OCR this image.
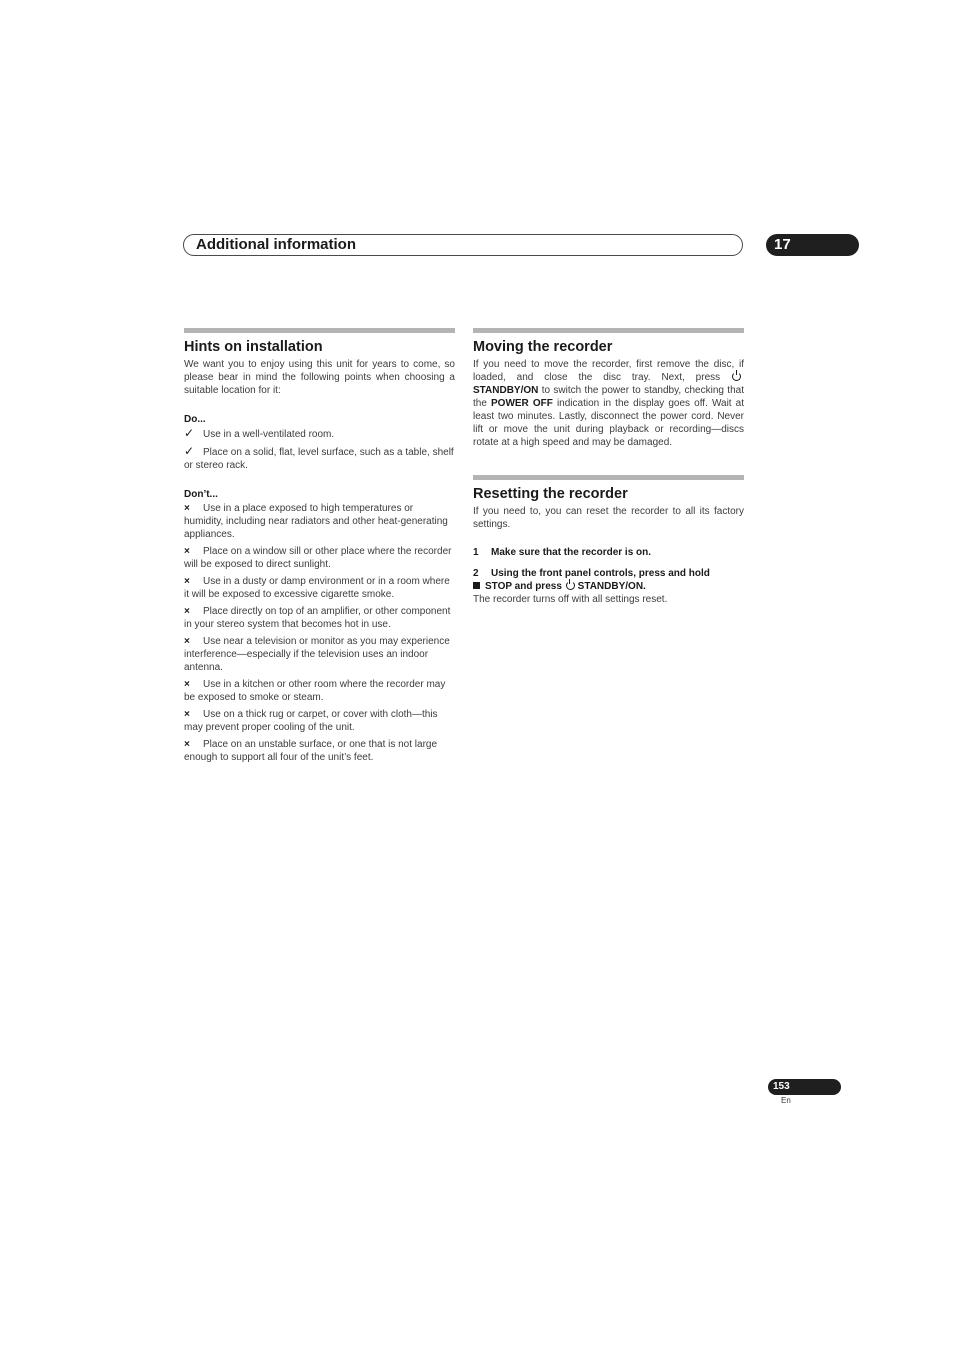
Additional information	17
Hints on installation

We want you to enjoy using this unit for years to come, so please bear in mind the following points when choosing a suitable location for it:

Do...
✓ Use in a well-ventilated room.
✓ Place on a solid, flat, level surface, such as a table, shelf or stereo rack.
Don’t...
× Use in a place exposed to high temperatures or humidity, including near radiators and other heat-generating appliances.
× Place on a window sill or other place where the recorder will be exposed to direct sunlight.
× Use in a dusty or damp environment or in a room where it will be exposed to excessive cigarette smoke.
× Place directly on top of an amplifier, or other component in your stereo system that becomes hot in use.
× Use near a television or monitor as you may experience interference—especially if the television uses an indoor antenna.
× Use in a kitchen or other room where the recorder may be exposed to smoke or steam.
× Use on a thick rug or carpet, or cover with cloth—this may prevent proper cooling of the unit.
× Place on an unstable surface, or one that is not large enough to support all four of the unit’s feet.
Moving the recorder

If you need to move the recorder, first remove the disc, if loaded, and close the disc tray. Next, press STANDBY/ON to switch the power to standby, checking that the POWER OFF indication in the display goes off. Wait at least two minutes. Lastly, disconnect the power cord. Never lift or move the unit during playback or recording—discs rotate at a high speed and may be damaged.

Resetting the recorder

If you need to, you can reset the recorder to all its factory settings.

1 Make sure that the recorder is on.

2 Using the front panel controls, press and hold

STOP and press STANDBY/ON.

The recorder turns off with all settings reset.

153
En
